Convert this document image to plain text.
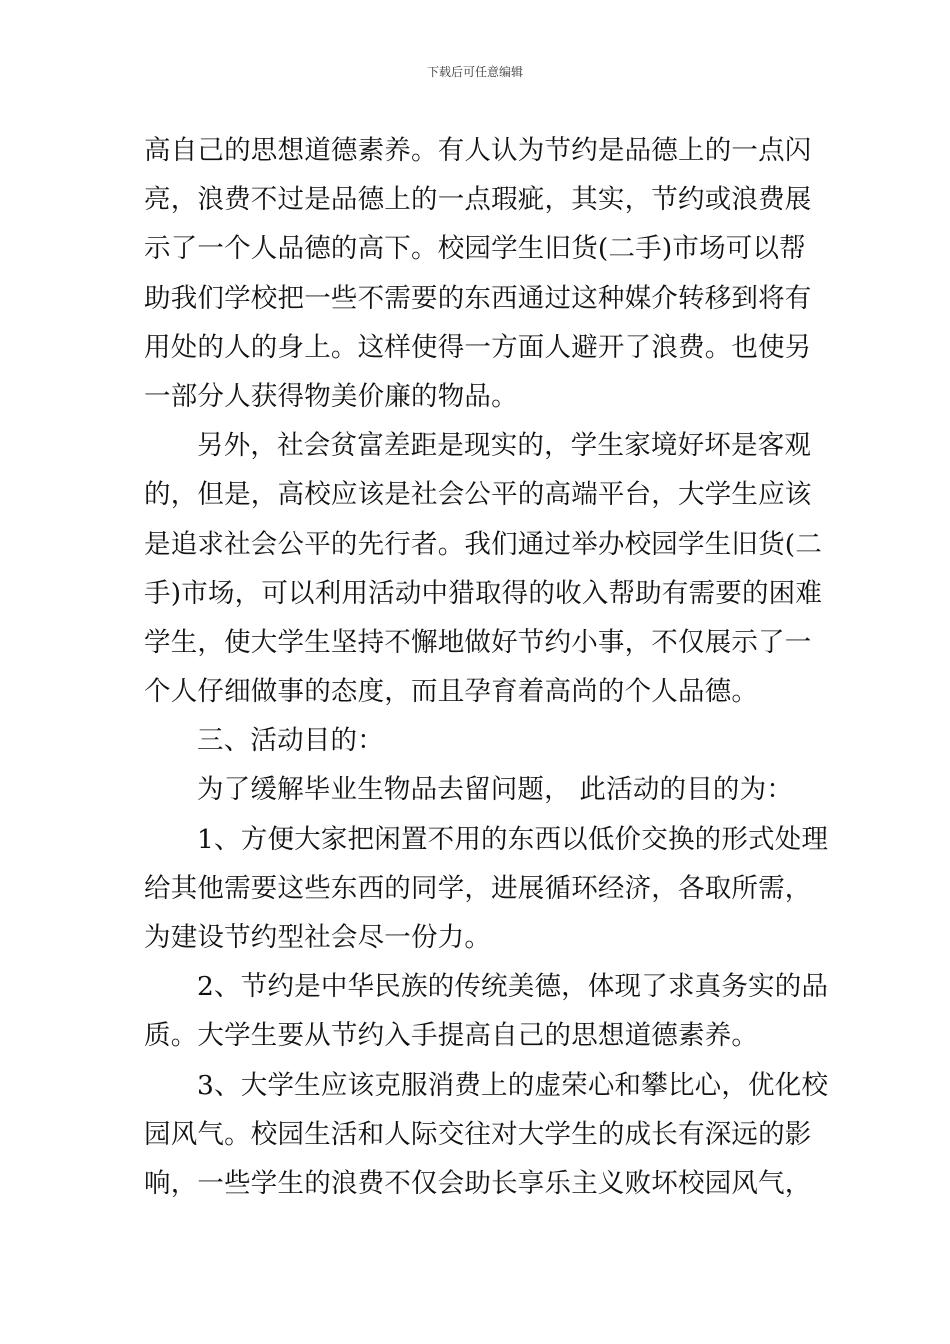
下载后可任意编辑
高自己的思想道德素养。有人认为节约是品德上的一点闪
亮，浪费不过是品德上的一点瑕疵，其实，节约或浪费展
示了一个人品德的高下。校园学生旧货(二手)市场可以帮
助我们学校把一些不需要的东西通过这种媒介转移到将有
用处的人的身上。这样使得一方面人避开了浪费。也使另
一部分人获得物美价廉的物品。
另外，社会贫富差距是现实的，学生家境好坏是客观
的，但是，高校应该是社会公平的高端平台，大学生应该
是追求社会公平的先行者。我们通过举办校园学生旧货(二
手)市场，可以利用活动中猎取得的收入帮助有需要的困难
学生，使大学生坚持不懈地做好节约小事，不仅展示了一
个人仔细做事的态度，而且孕育着高尚的个人品德。
三、活动目的：
为了缓解毕业生物品去留问题， 此活动的目的为：
1、方便大家把闲置不用的东西以低价交换的形式处理
给其他需要这些东西的同学，进展循环经济，各取所需，
为建设节约型社会尽一份力。
2、节约是中华民族的传统美德，体现了求真务实的品
质。大学生要从节约入手提高自己的思想道德素养。
3、大学生应该克服消费上的虚荣心和攀比心，优化校
园风气。校园生活和人际交往对大学生的成长有深远的影
响，一些学生的浪费不仅会助长享乐主义败坏校园风气，
